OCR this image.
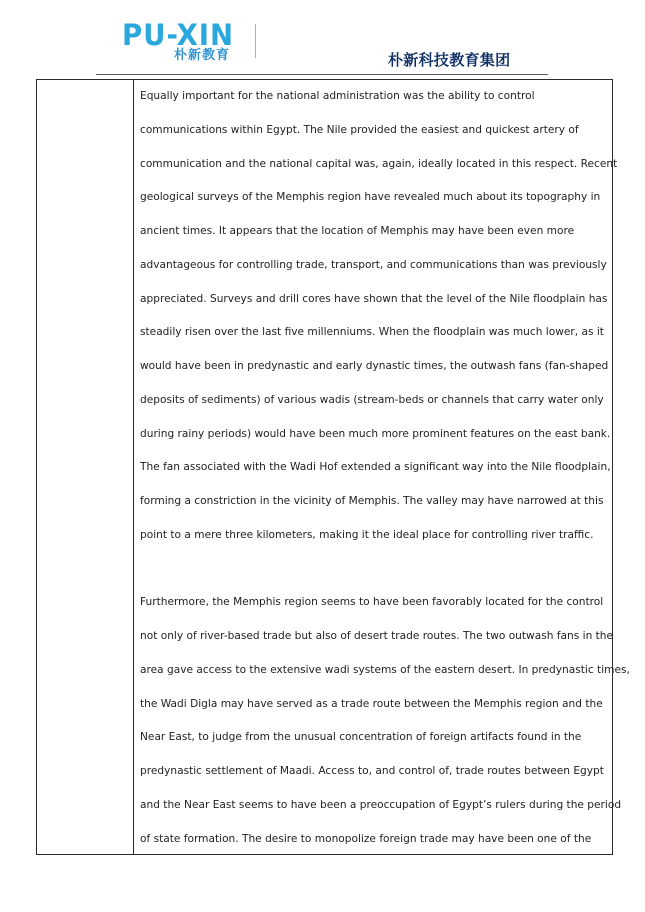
PU-XIN
朴新教育	朴新科技教育集团
Equally important for the national administration was the ability to control
communications within Egypt. The Nile provided the easiest and quickest artery of
communication and the national capital was, again, ideally located in this respect. Recent
geological surveys of the Memphis region have revealed much about its topography in
ancient times. It appears that the location of Memphis may have been even more
advantageous for controlling trade, transport, and communications than was previously
appreciated. Surveys and drill cores have shown that the level of the Nile floodplain has
steadily risen over the last five millenniums. When the floodplain was much lower, as it
would have been in predynastic and early dynastic times, the outwash fans (fan-shaped
deposits of sediments) of various wadis (stream-beds or channels that carry water only
during rainy periods) would have been much more prominent features on the east bank.
The fan associated with the Wadi Hof extended a significant way into the Nile floodplain,
forming a constriction in the vicinity of Memphis. The valley may have narrowed at this
point to a mere three kilometers, making it the ideal place for controlling river traffic.
Furthermore, the Memphis region seems to have been favorably located for the control
not only of river-based trade but also of desert trade routes. The two outwash fans in the
area gave access to the extensive wadi systems of the eastern desert. In predynastic times,
the Wadi Digla may have served as a trade route between the Memphis region and the
Near East, to judge from the unusual concentration of foreign artifacts found in the
predynastic settlement of Maadi. Access to, and control of, trade routes between Egypt
and the Near East seems to have been a preoccupation of Egypt’s rulers during the period
of state formation. The desire to monopolize foreign trade may have been one of the
